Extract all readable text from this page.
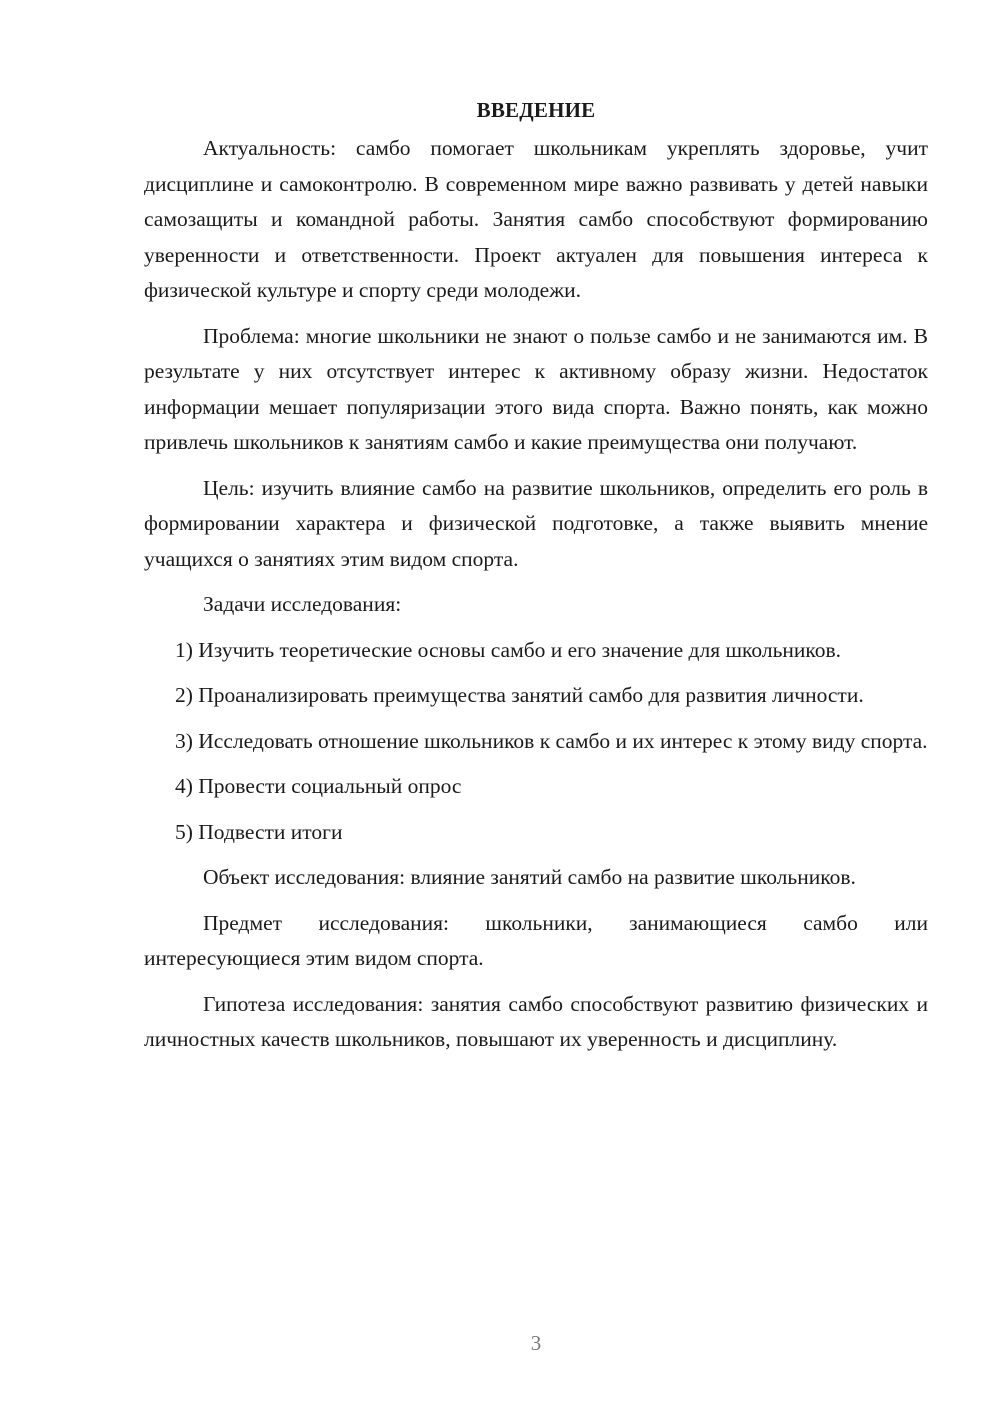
ВВЕДЕНИЕ

Актуальность: самбо помогает школьникам укреплять здоровье, учит дисциплине и самоконтролю. В современном мире важно развивать у детей навыки самозащиты и командной работы. Занятия самбо способствуют формированию уверенности и ответственности. Проект актуален для повышения интереса к физической культуре и спорту среди молодежи.

Проблема: многие школьники не знают о пользе самбо и не занимаются им. В результате у них отсутствует интерес к активному образу жизни. Недостаток информации мешает популяризации этого вида спорта. Важно понять, как можно привлечь школьников к занятиям самбо и какие преимущества они получают.

Цель: изучить влияние самбо на развитие школьников, определить его роль в формировании характера и физической подготовке, а также выявить мнение учащихся о занятиях этим видом спорта.

Задачи исследования:

1) Изучить теоретические основы самбо и его значение для школьников.

2) Проанализировать преимущества занятий самбо для развития личности.

3) Исследовать отношение школьников к самбо и их интерес к этому виду спорта.

4) Провести социальный опрос

5) Подвести итоги

Объект исследования: влияние занятий самбо на развитие школьников.

Предмет исследования: школьники, занимающиеся самбо или интересующиеся этим видом спорта.

Гипотеза исследования: занятия самбо способствуют развитию физических и личностных качеств школьников, повышают их уверенность и дисциплину.

3
